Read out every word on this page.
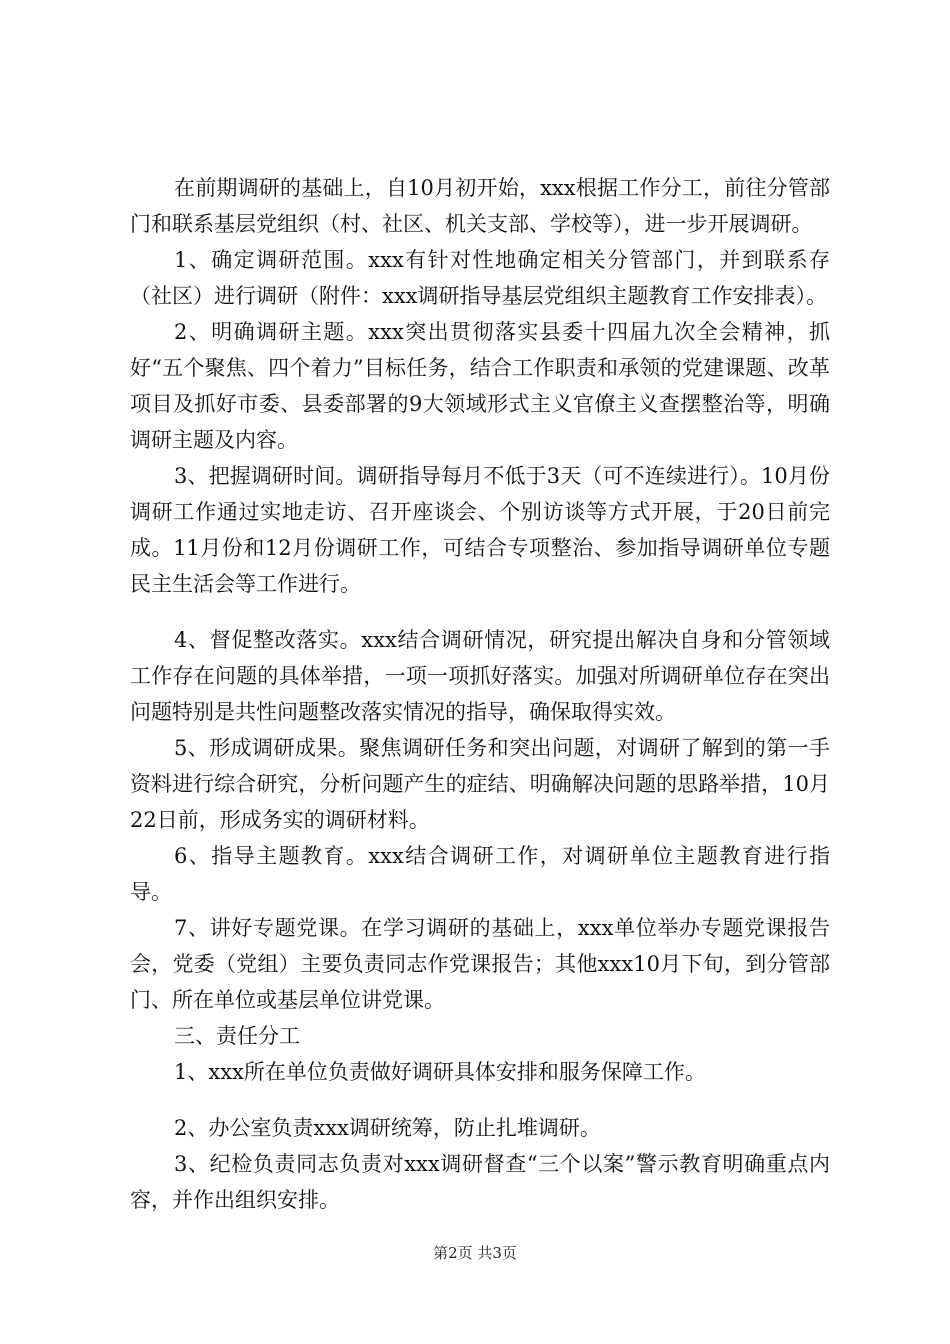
在前期调研的基础上，自10月初开始，xxx根据工作分工，前往分管部门和联系基层党组织（村、社区、机关支部、学校等），进一步开展调研。

1、确定调研范围。xxx有针对性地确定相关分管部门，并到联系存（社区）进行调研（附件：xxx调研指导基层党组织主题教育工作安排表）。

2、明确调研主题。xxx突出贯彻落实县委十四届九次全会精神，抓好“五个聚焦、四个着力”目标任务，结合工作职责和承领的党建课题、改革项目及抓好市委、县委部署的9大领域形式主义官僚主义查摆整治等，明确调研主题及内容。

3、把握调研时间。调研指导每月不低于3天（可不连续进行）。10月份调研工作通过实地走访、召开座谈会、个别访谈等方式开展，于20日前完成。11月份和12月份调研工作，可结合专项整治、参加指导调研单位专题民主生活会等工作进行。

4、督促整改落实。xxx结合调研情况，研究提出解决自身和分管领域工作存在问题的具体举措，一项一项抓好落实。加强对所调研单位存在突出问题特别是共性问题整改落实情况的指导，确保取得实效。

5、形成调研成果。聚焦调研任务和突出问题，对调研了解到的第一手资料进行综合研究，分析问题产生的症结、明确解决问题的思路举措，10月22日前，形成务实的调研材料。

6、指导主题教育。xxx结合调研工作，对调研单位主题教育进行指导。

7、讲好专题党课。在学习调研的基础上，xxx单位举办专题党课报告会，党委（党组）主要负责同志作党课报告；其他xxx10月下旬，到分管部门、所在单位或基层单位讲党课。

三、责任分工

1、xxx所在单位负责做好调研具体安排和服务保障工作。

2、办公室负责xxx调研统筹，防止扎堆调研。

3、纪检负责同志负责对xxx调研督查“三个以案”警示教育明确重点内容，并作出组织安排。

第2页 共3页
